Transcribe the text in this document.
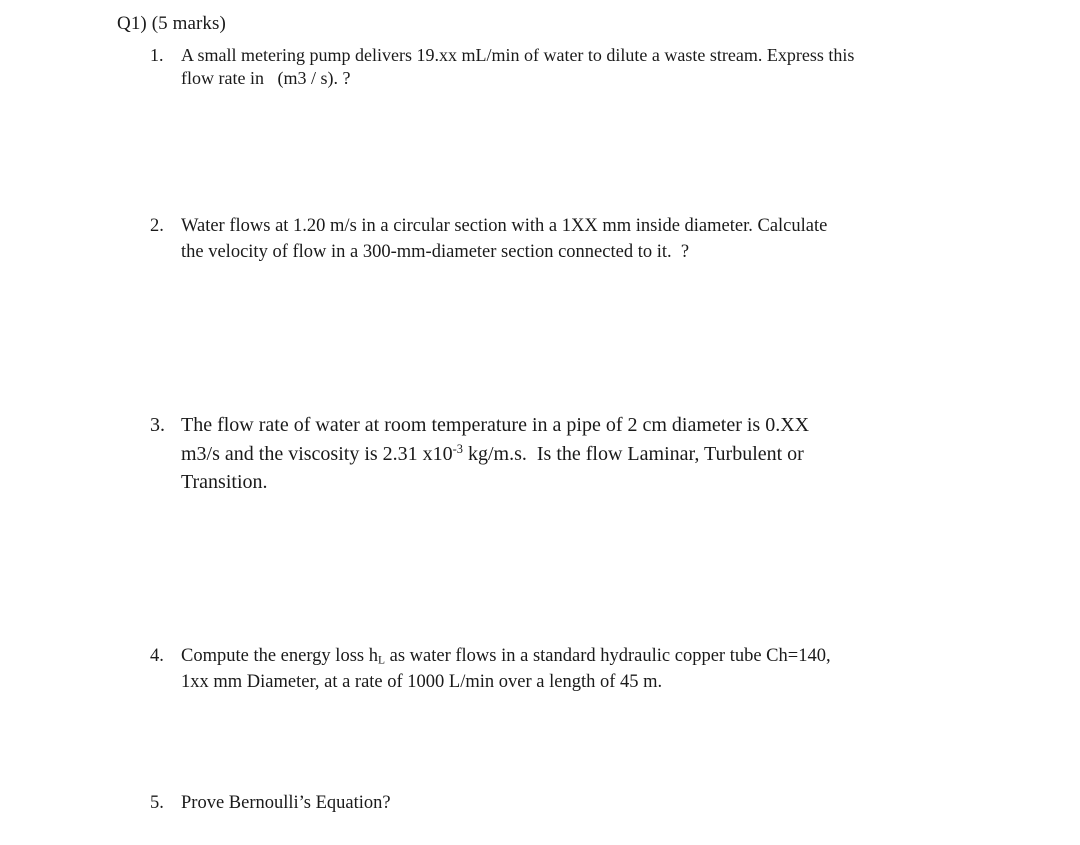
Q1) (5 marks)
1. A small metering pump delivers 19.xx mL/min of water to dilute a waste stream. Express this
flow rate in   (m3 / s). ?
2. Water flows at 1.20 m/s in a circular section with a 1XX mm inside diameter. Calculate
the velocity of flow in a 300-mm-diameter section connected to it.  ?
3. The flow rate of water at room temperature in a pipe of 2 cm diameter is 0.XX
m3/s and the viscosity is 2.31 $x10^{-3}$ kg/m.s.  Is the flow Laminar, Turbulent or
Transition.
4. Compute the energy loss $h_L$ as water flows in a standard hydraulic copper tube Ch=140,
1xx mm Diameter, at a rate of 1000 L/min over a length of 45 m.
5. Prove Bernoulli’s Equation?
